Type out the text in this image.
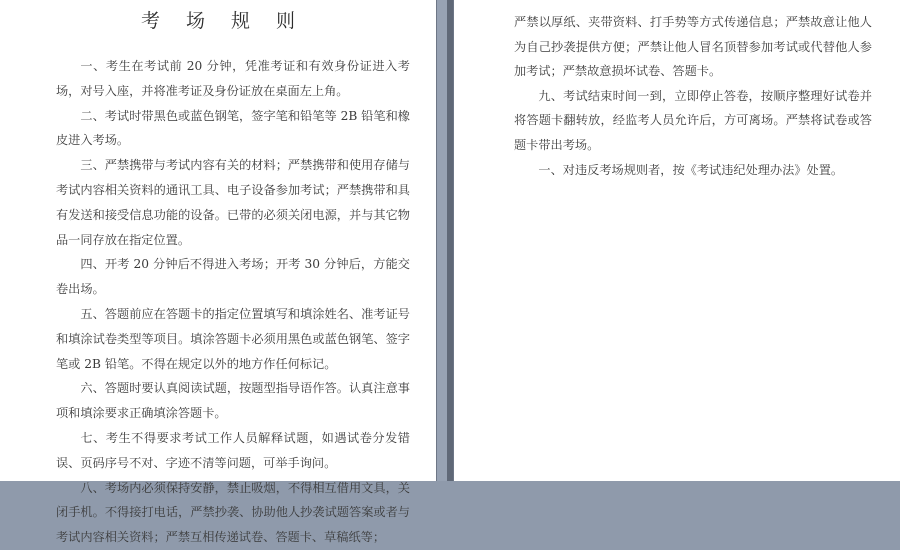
考 场 规 则

一、考生在考试前 20 分钟，凭准考证和有效身份证进入考场，对号入座，并将准考证及身份证放在桌面左上角。

二、考试时带黑色或蓝色钢笔，签字笔和铅笔等 2B 铅笔和橡皮进入考场。

三、严禁携带与考试内容有关的材料；严禁携带和使用存储与考试内容相关资料的通讯工具、电子设备参加考试；严禁携带和具有发送和接受信息功能的设备。已带的必须关闭电源，并与其它物品一同存放在指定位置。

四、开考 20 分钟后不得进入考场；开考 30 分钟后，方能交卷出场。

五、答题前应在答题卡的指定位置填写和填涂姓名、准考证号和填涂试卷类型等项目。填涂答题卡必须用黑色或蓝色钢笔、签字笔或 2B 铅笔。不得在规定以外的地方作任何标记。

六、答题时要认真阅读试题，按题型指导语作答。认真注意事项和填涂要求正确填涂答题卡。

七、考生不得要求考试工作人员解释试题，如遇试卷分发错误、页码序号不对、字迹不清等问题，可举手询问。

八、考场内必须保持安静，禁止吸烟，不得相互借用文具，关闭手机。不得接打电话，严禁抄袭、协助他人抄袭试题答案或者与考试内容相关资料；严禁互相传递试卷、答题卡、草稿纸等；

严禁以厚纸、夹带资料、打手势等方式传递信息；严禁故意让他人为自己抄袭提供方便；严禁让他人冒名顶替参加考试或代替他人参加考试；严禁故意损坏试卷、答题卡。

九、考试结束时间一到，立即停止答卷，按顺序整理好试卷并将答题卡翻转放，经监考人员允许后，方可离场。严禁将试卷或答题卡带出考场。

一、对违反考场规则者，按《考试违纪处理办法》处置。
